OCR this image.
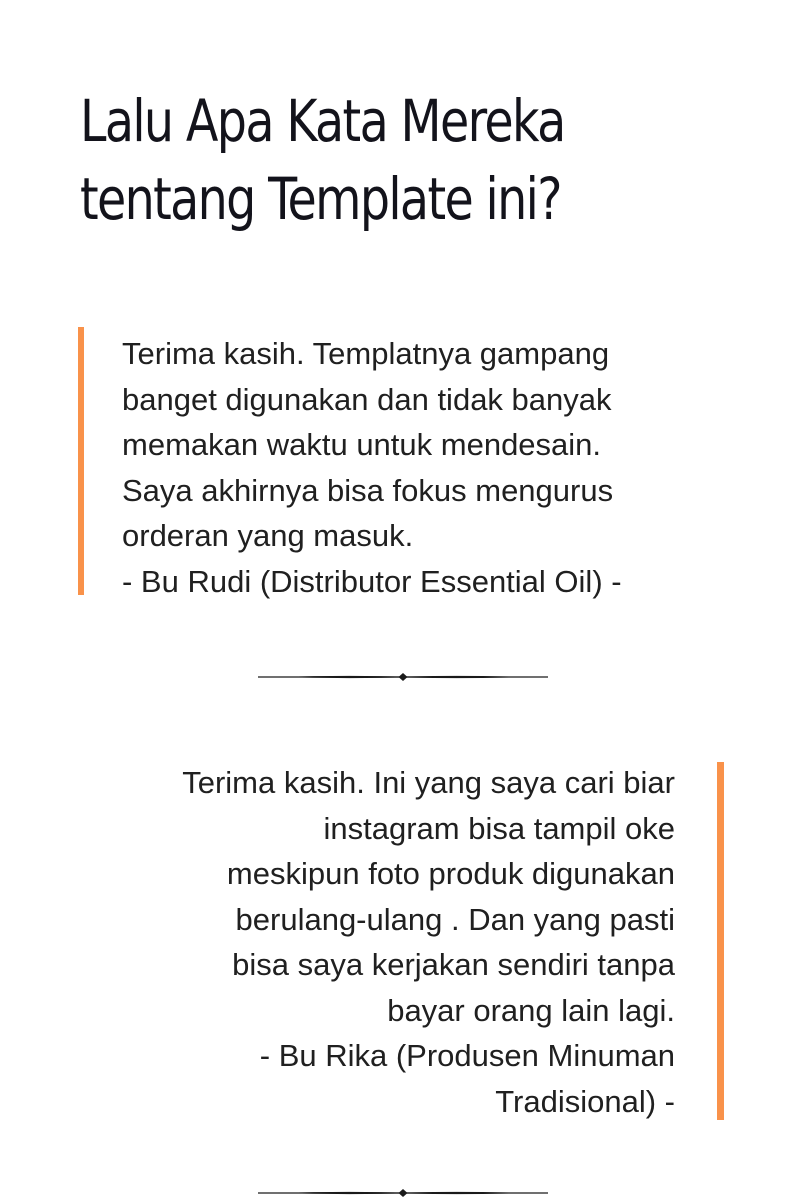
Lalu Apa Kata Mereka
tentang Template ini?
Terima kasih. Templatnya gampang
banget digunakan dan tidak banyak
memakan waktu untuk mendesain.
Saya akhirnya bisa fokus mengurus
orderan yang masuk.
- Bu Rudi (Distributor Essential Oil) -
Terima kasih. Ini yang saya cari biar
instagram bisa tampil oke
meskipun foto produk digunakan
berulang-ulang . Dan yang pasti
bisa saya kerjakan sendiri tanpa
bayar orang lain lagi.
- Bu Rika (Produsen Minuman
Tradisional) -
